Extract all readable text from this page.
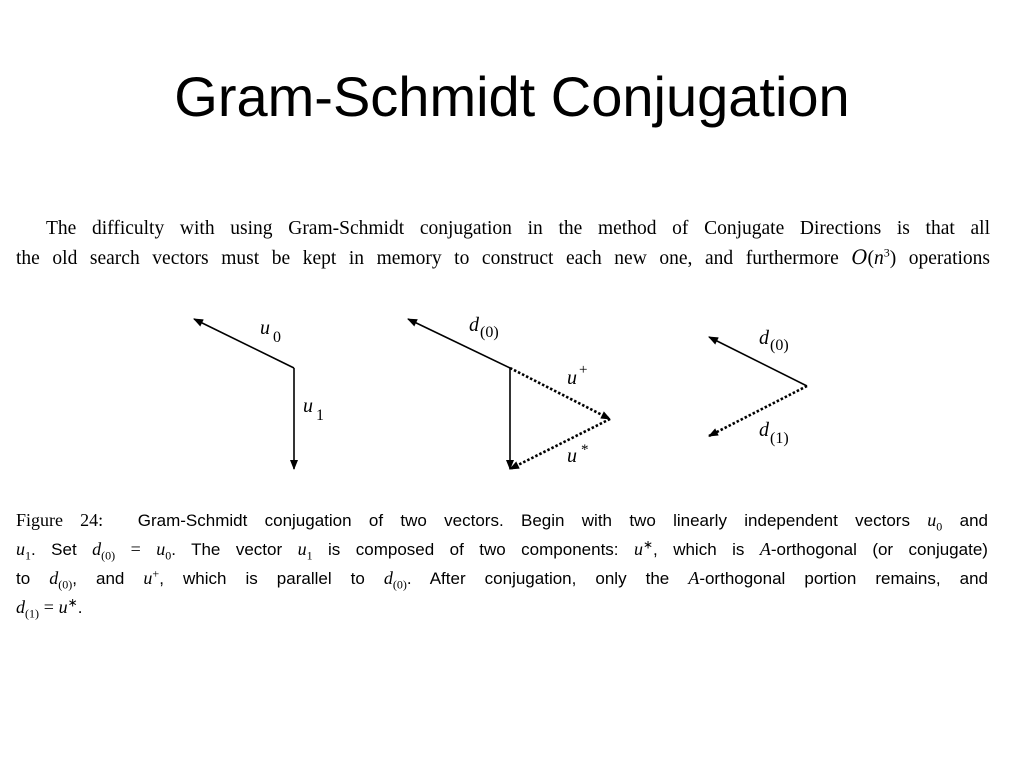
Gram-Schmidt Conjugation
The difficulty with using Gram-Schmidt conjugation in the method of Conjugate Directions is that all
the old search vectors must be kept in memory to construct each new one, and furthermore $O(n^3)$ operations
u $_0$
u $_1$
$d_{(0)}$
u +
u *
$d_{(0)}$
$d_{(1)}$
Figure 24: Gram-Schmidt conjugation of two vectors. Begin with two linearly independent vectors $u_0$ and
$u_1$. Set $d_{(0)} = u_0$. The vector $u_1$ is composed of two components: u∗, which is A-orthogonal (or conjugate)
to $d_{(0)}$, and u+, which is parallel to $d_{(0)}$. After conjugation, only the A-orthogonal portion remains, and
$d_{(1)} = u^∗$.
